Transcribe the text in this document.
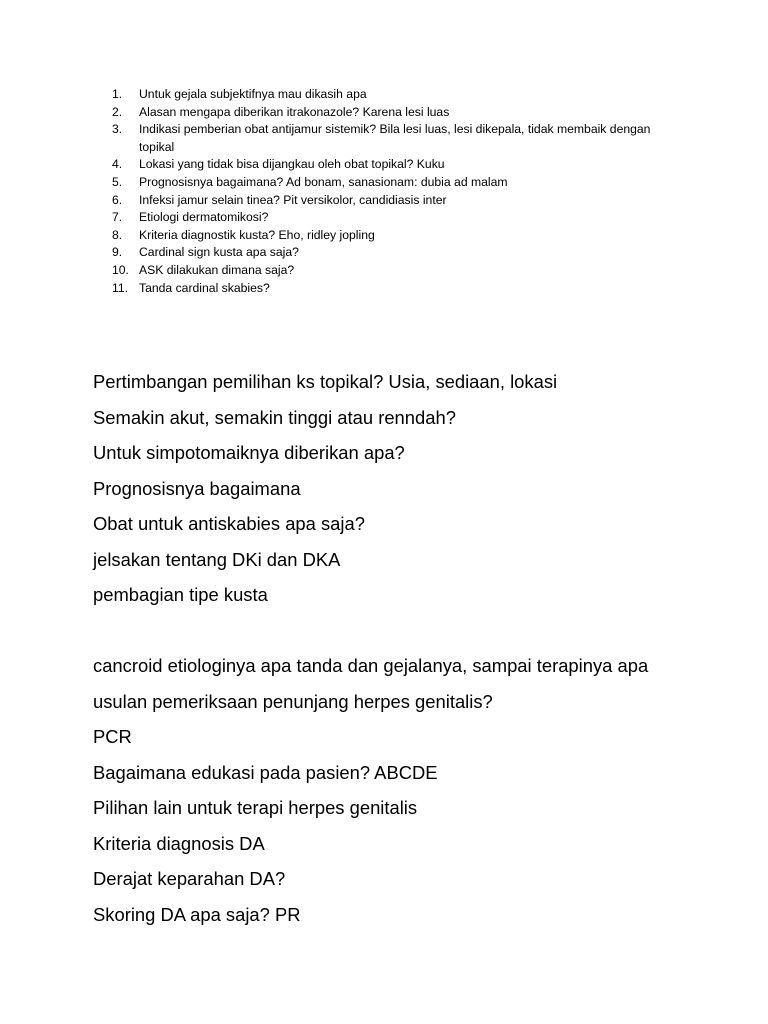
1.	Untuk gejala subjektifnya mau dikasih apa
2.	Alasan mengapa diberikan itrakonazole? Karena lesi luas
3.	Indikasi pemberian obat antijamur sistemik? Bila lesi luas, lesi dikepala, tidak membaik dengan topikal
4.	Lokasi yang tidak bisa dijangkau oleh obat topikal? Kuku
5.	Prognosisnya bagaimana? Ad bonam, sanasionam: dubia ad malam
6.	Infeksi jamur selain tinea? Pit versikolor, candidiasis inter
7.	Etiologi dermatomikosi?
8.	Kriteria diagnostik kusta? Eho, ridley jopling
9.	Cardinal sign kusta apa saja?
10. ASK dilakukan dimana saja?
11. Tanda cardinal skabies?
Pertimbangan pemilihan ks topikal? Usia, sediaan, lokasi
Semakin akut, semakin tinggi atau renndah?
Untuk simpotomaiknya diberikan apa?
Prognosisnya bagaimana
Obat untuk antiskabies apa saja?
jelsakan tentang DKi dan DKA
pembagian tipe kusta
cancroid etiologinya apa tanda dan gejalanya, sampai terapinya apa
usulan pemeriksaan penunjang herpes genitalis?
PCR
Bagaimana edukasi pada pasien? ABCDE
Pilihan lain untuk terapi herpes genitalis
Kriteria diagnosis DA
Derajat keparahan DA?
Skoring DA apa saja? PR
